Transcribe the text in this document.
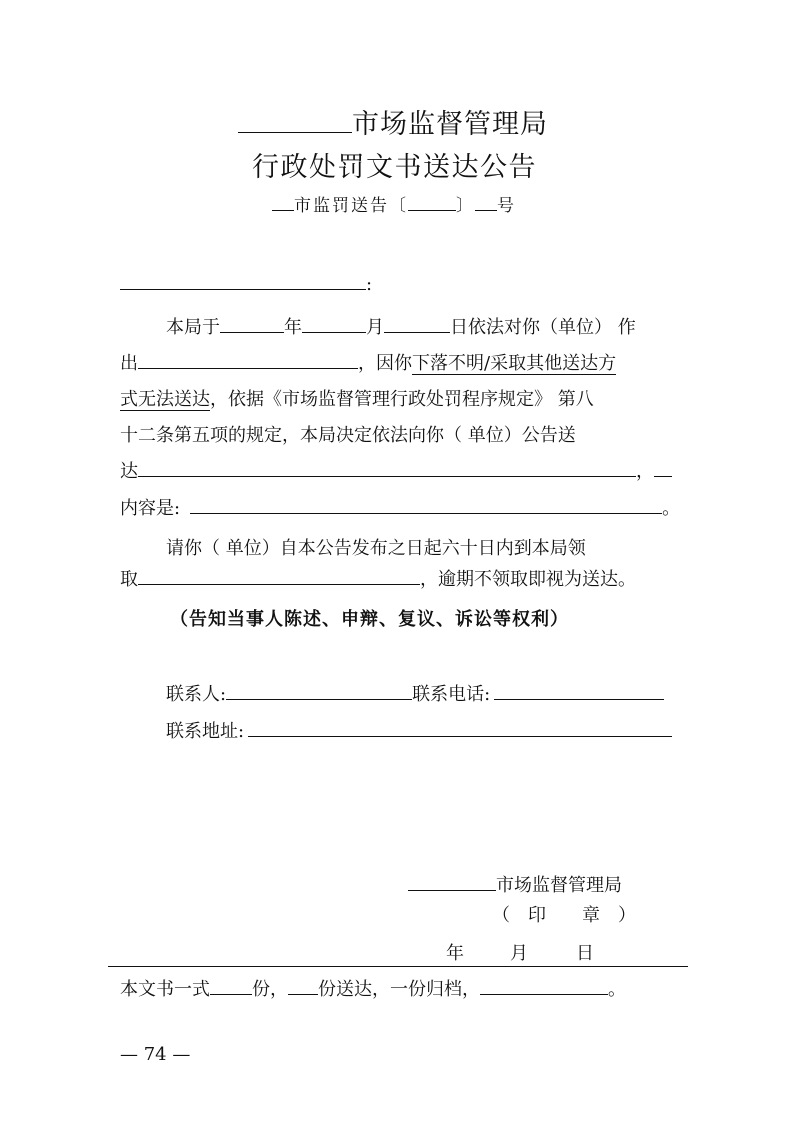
市场监督管理局
行政处罚文书送达公告
市监罚送告〔	〕 号
:
本局于	年	月	日依法对你（单位） 作
出	，因你下落不明/采取其他送达方
式无法送达，依据《市场监督管理行政处罚程序规定》 第八
十二条第五项的规定，本局决定依法向你（ 单位）公告送
达	，
内容是:	。
请你（ 单位）自本公告发布之日起六十日内到本局领
取	，逾期不领取即视为送达。
（告知当事人陈述、申辩、复议、诉讼等权利）
联系人:	联系电话:
联系地址:
市场监督管理局
（　印　　章　）
年	月	日
本文书一式 份， 份送达，一份归档，	。
— 74 —
